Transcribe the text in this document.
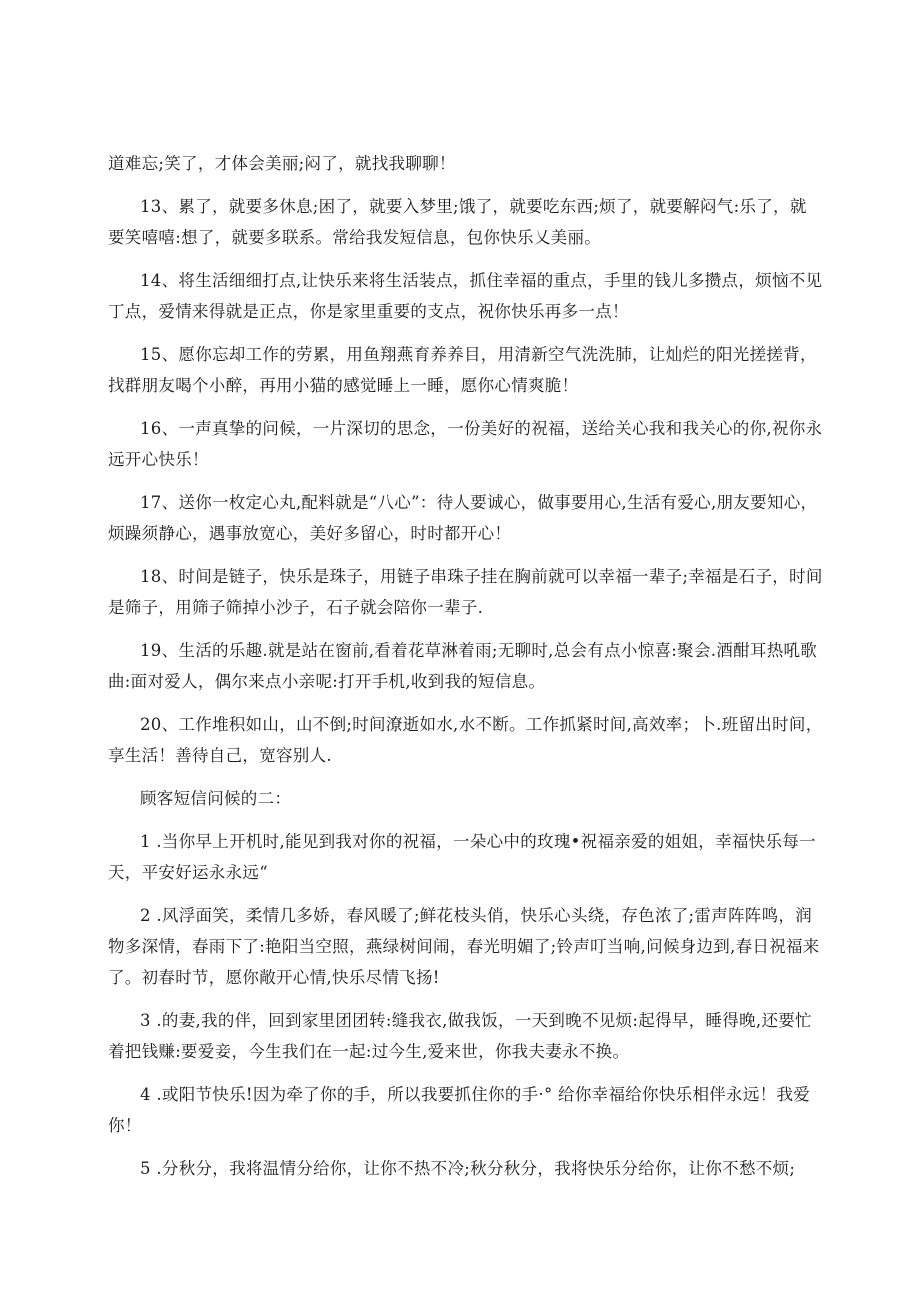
道难忘;笑了，才体会美丽;闷了，就找我聊聊！

13、累了，就要多休息;困了，就要入梦里;饿了，就要吃东西;烦了，就要解闷气:乐了，就要笑嘻嘻:想了，就要多联系。常给我发短信息，包你快乐乂美丽。

14、将生活细细打点,让快乐来将生活装点，抓住幸福的重点，手里的钱儿多攒点，烦恼不见丁点，爱情来得就是正点，你是家里重要的支点，祝你快乐再多一点！

15、愿你忘却工作的劳累，用鱼翔燕育养养目，用清新空气洗洗肺，让灿烂的阳光搓搓背，找群朋友喝个小醉，再用小猫的感觉睡上一睡，愿你心情爽脆！

16、一声真挚的问候，一片深切的思念，一份美好的祝福，送给关心我和我关心的你,祝你永远开心快乐！

17、送你一枚定心丸,配料就是“八心”：待人要诚心，做事要用心,生活有爱心,朋友要知心，烦躁须静心，遇事放宽心，美好多留心，时时都开心！

18、时间是链子，快乐是珠子，用链子串珠子挂在胸前就可以幸福一辈子;幸福是石子，时间是筛子，用筛子筛掉小沙子，石子就会陪你一辈子.

19、生活的乐趣.就是站在窗前,看着花草淋着雨;无聊时,总会有点小惊喜:聚会.酒酣耳热吼歌曲:面对爱人，偶尔来点小亲呢:打开手机,收到我的短信息。

20、工作堆积如山，山不倒;时间潦逝如水,水不断。工作抓紧时间,高效率；卜.班留出时间，享生活！善待自己，宽容别人.

顾客短信问候的二：

1 .当你早上开机时,能见到我对你的祝福，一朵心中的玫瑰•祝福亲爱的姐姐，幸福快乐每一天，平安好运永永远“

2 .风浮面笑，柔情几多娇，春风暖了;鲜花枝头俏，快乐心头绕，存色浓了;雷声阵阵鸣，润物多深情，春雨下了:艳阳当空照，燕绿树间闹，春光明媚了;铃声叮当响,问候身边到,春日祝福来了。初春时节，愿你敞开心情,快乐尽情飞扬!

3 .的妻,我的伴，回到家里团团转:缝我衣,做我饭，一天到晚不见烦:起得早，睡得晚,还要忙着把钱赚:要爱妾，今生我们在一起:过今生,爱来世，你我夫妻永不换。

4 .或阳节快乐!因为牵了你的手，所以我要抓住你的手·° 给你幸福给你快乐相伴永远！我爱你！

5 .分秋分，我将温情分给你，让你不热不冷;秋分秋分，我将快乐分给你，让你不愁不烦;
